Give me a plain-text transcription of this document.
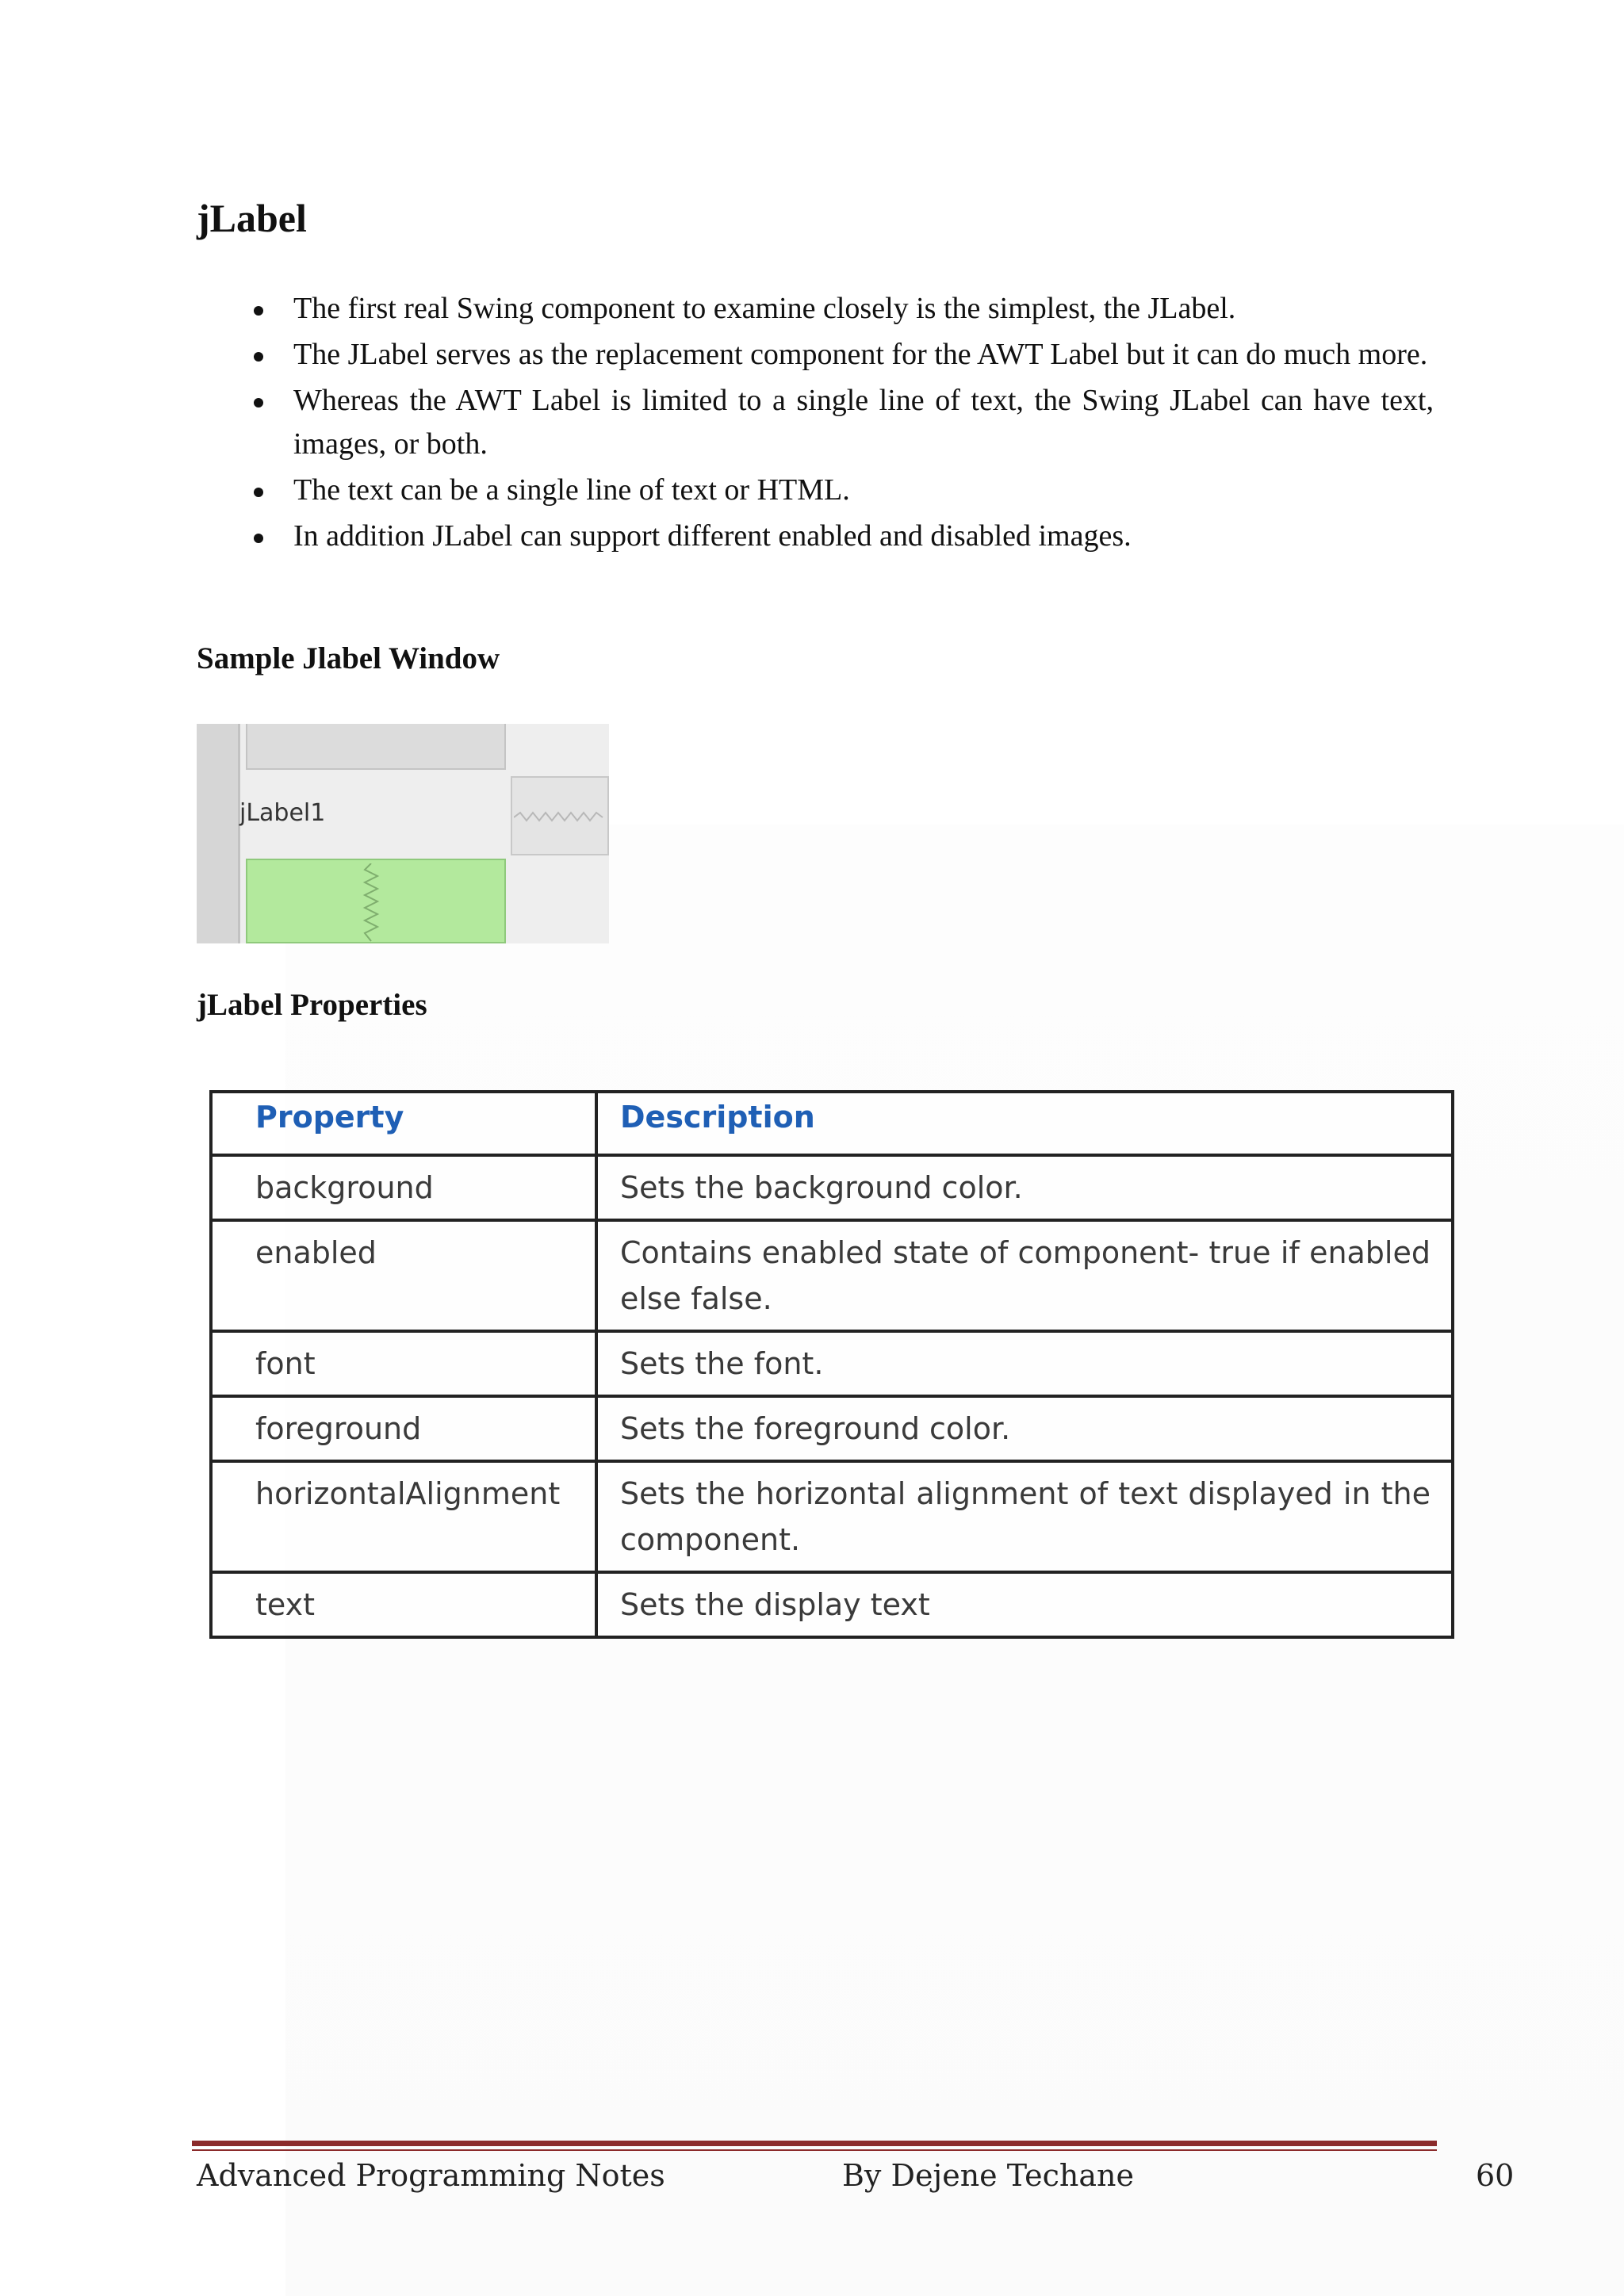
jLabel
The first real Swing component to examine closely is the simplest, the JLabel.
The JLabel serves as the replacement component for the AWT Label but it can do much more.
Whereas the AWT Label is limited to a single line of text, the Swing JLabel can have text, images, or both.
The text can be a single line of text or HTML.
In addition JLabel can support different enabled and disabled images.
Sample Jlabel Window
jLabel1
jLabel Properties
Property	Description
background	Sets the background color.
enabled	Contains enabled state of component- true if enabled else false.
font	Sets the font.
foreground	Sets the foreground color.
horizontalAlignment	Sets the horizontal alignment of text displayed in the component.
text	Sets the display text
Advanced Programming Notes	By Dejene Techane	60
